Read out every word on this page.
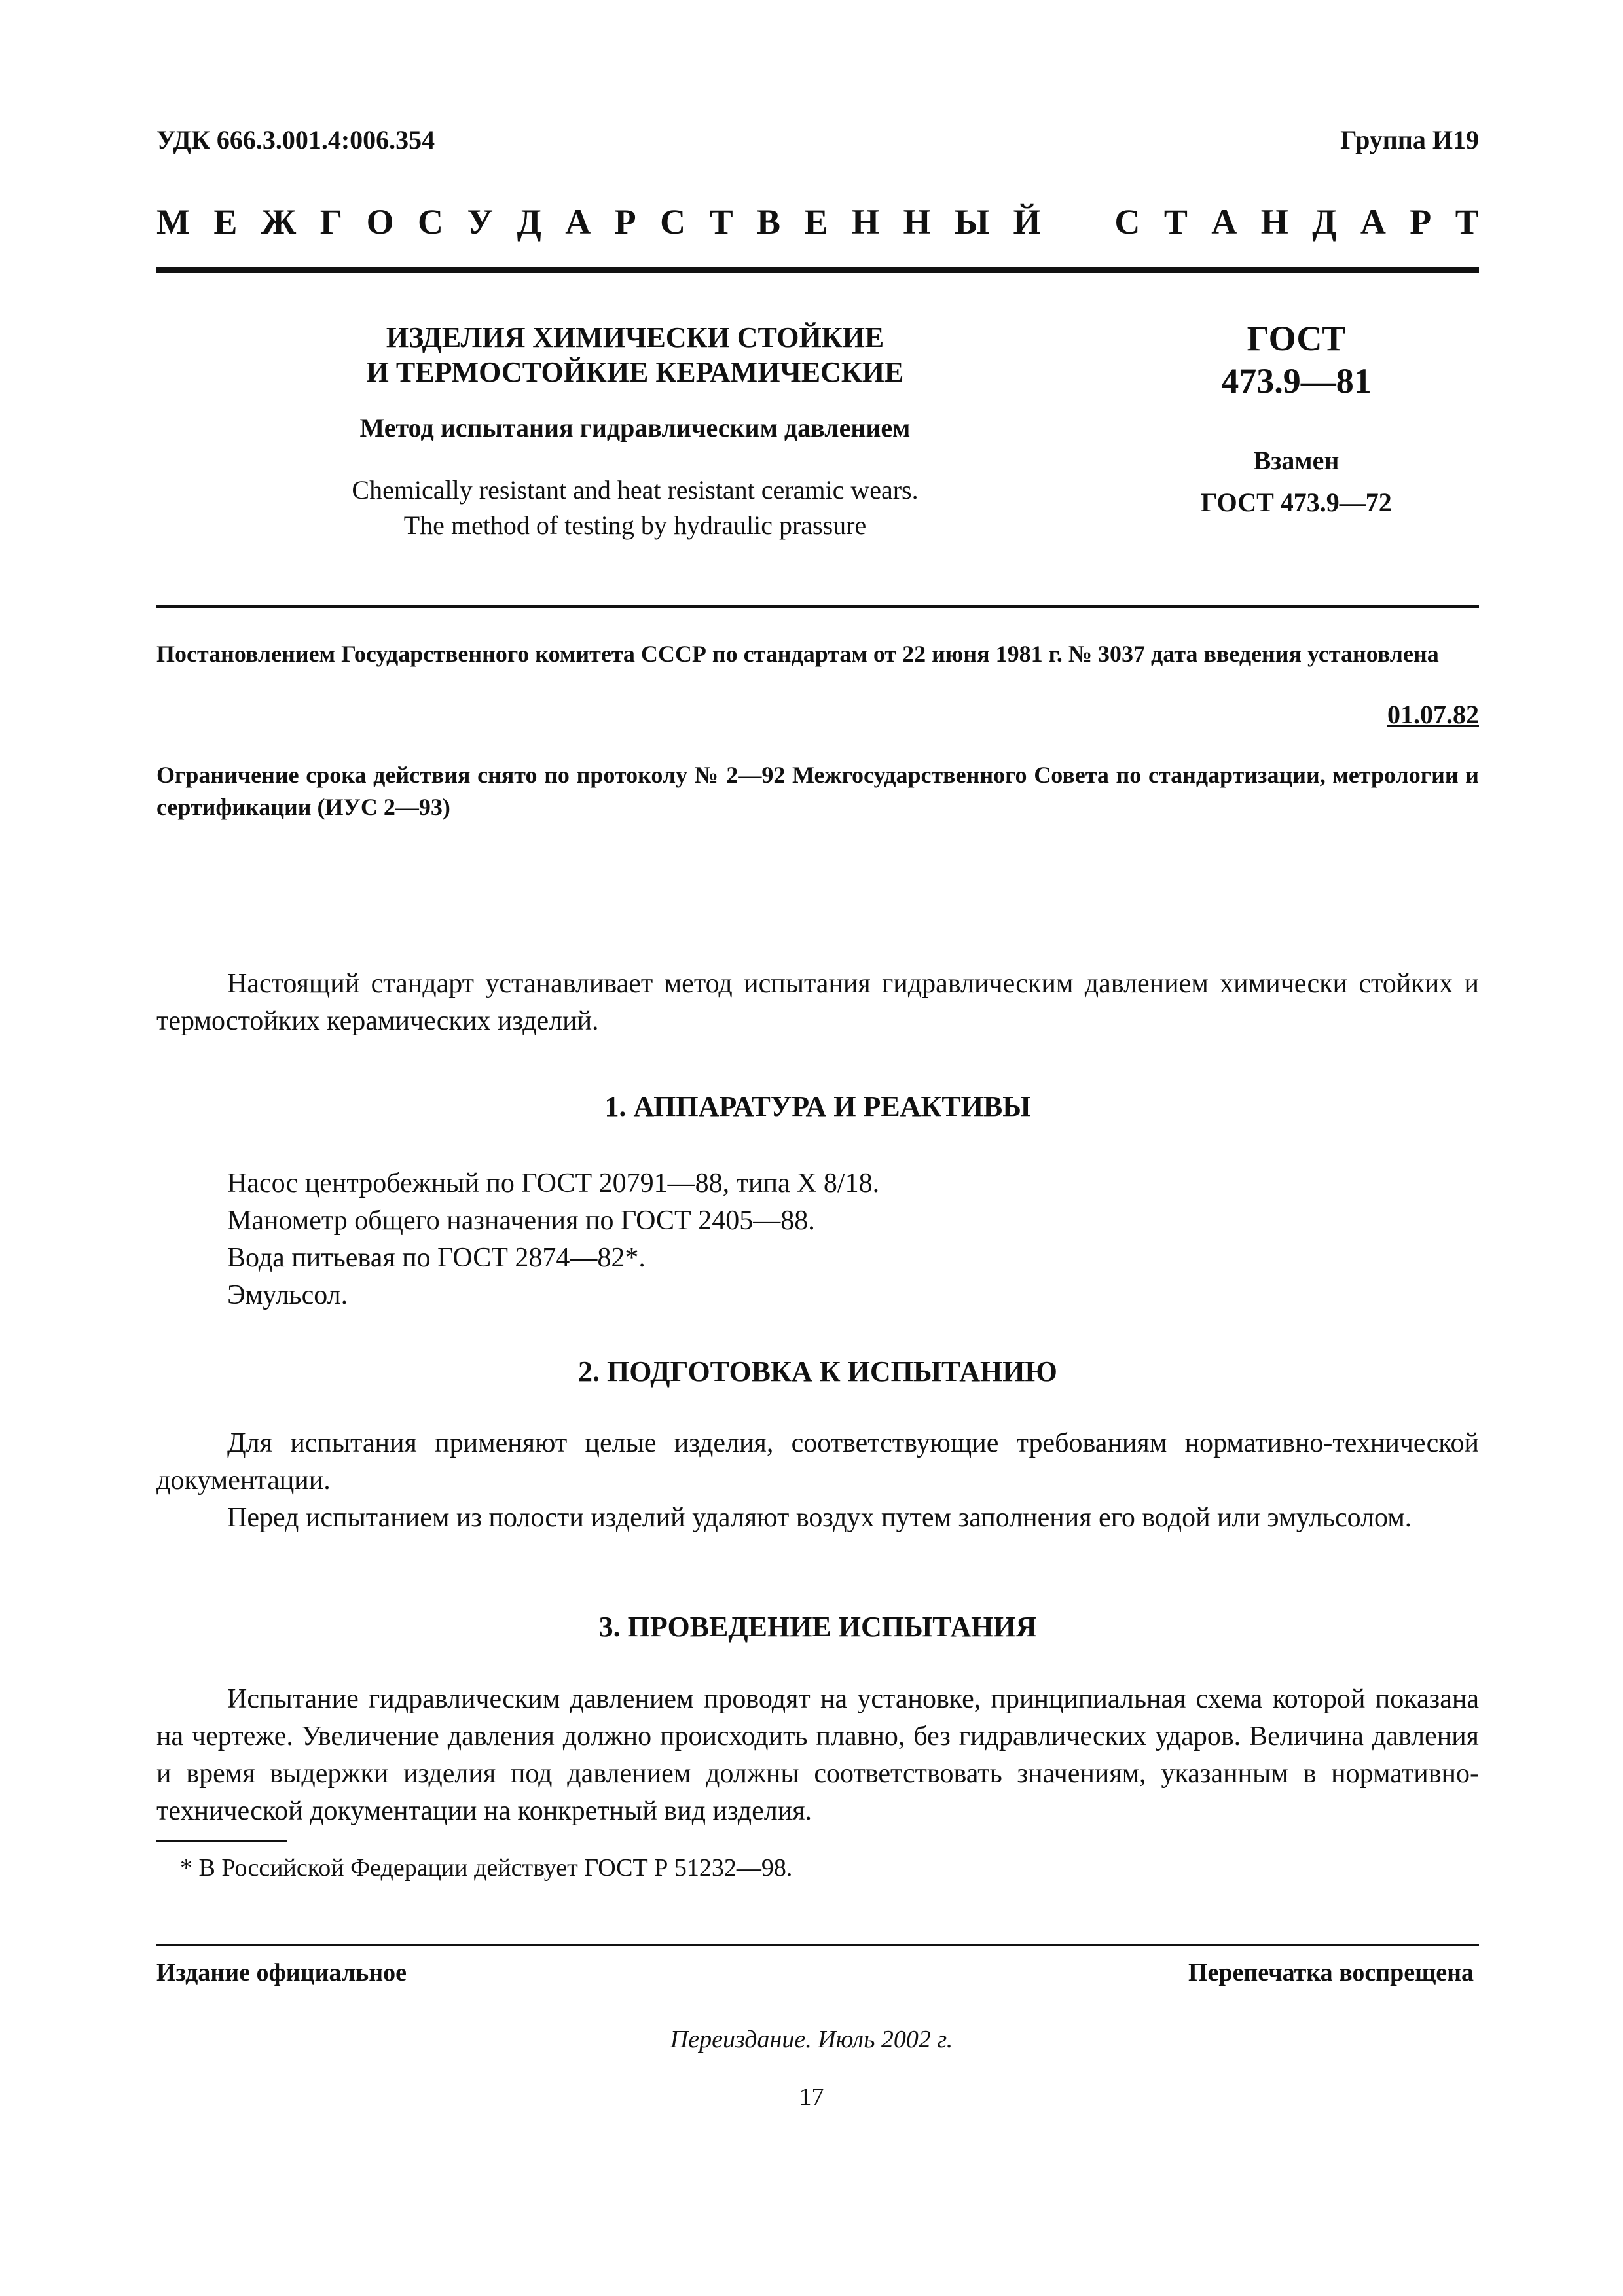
УДК 666.3.001.4:006.354	Группа И19
М Е Ж Г О С У Д А Р С Т В Е Н Н Ы Й С Т А Н Д А Р Т
ИЗДЕЛИЯ ХИМИЧЕСКИ СТОЙКИЕ
И ТЕРМОСТОЙКИЕ КЕРАМИЧЕСКИЕ
Метод испытания гидравлическим давлением
Chemically resistant and heat resistant ceramic wears.
The method of testing by hydraulic prassure
ГОСТ
473.9—81
Взамен
ГОСТ 473.9—72
Постановлением Государственного комитета СССР по стандартам от 22 июня 1981 г. № 3037 дата введения установлена
01.07.82
Ограничение срока действия снято по протоколу № 2—92 Межгосударственного Совета по стандартизации, метрологии и сертификации (ИУС 2—93)
Настоящий стандарт устанавливает метод испытания гидравлическим давлением химически стойких и термостойких керамических изделий.
1. АППАРАТУРА И РЕАКТИВЫ
Насос центробежный по ГОСТ 20791—88, типа Х 8/18.
Манометр общего назначения по ГОСТ 2405—88.
Вода питьевая по ГОСТ 2874—82*.
Эмульсол.
2. ПОДГОТОВКА К ИСПЫТАНИЮ
Для испытания применяют целые изделия, соответствующие требованиям нормативно-технической документации.
Перед испытанием из полости изделий удаляют воздух путем заполнения его водой или эмульсолом.
3. ПРОВЕДЕНИЕ ИСПЫТАНИЯ
Испытание гидравлическим давлением проводят на установке, принципиальная схема которой показана на чертеже. Увеличение давления должно происходить плавно, без гидравлических ударов. Величина давления и время выдержки изделия под давлением должны соответствовать значениям, указанным в нормативно-технической документации на конкретный вид изделия.
* В Российской Федерации действует ГОСТ Р 51232—98.
Издание официальное	Перепечатка воспрещена
Переиздание. Июль 2002 г.
17
